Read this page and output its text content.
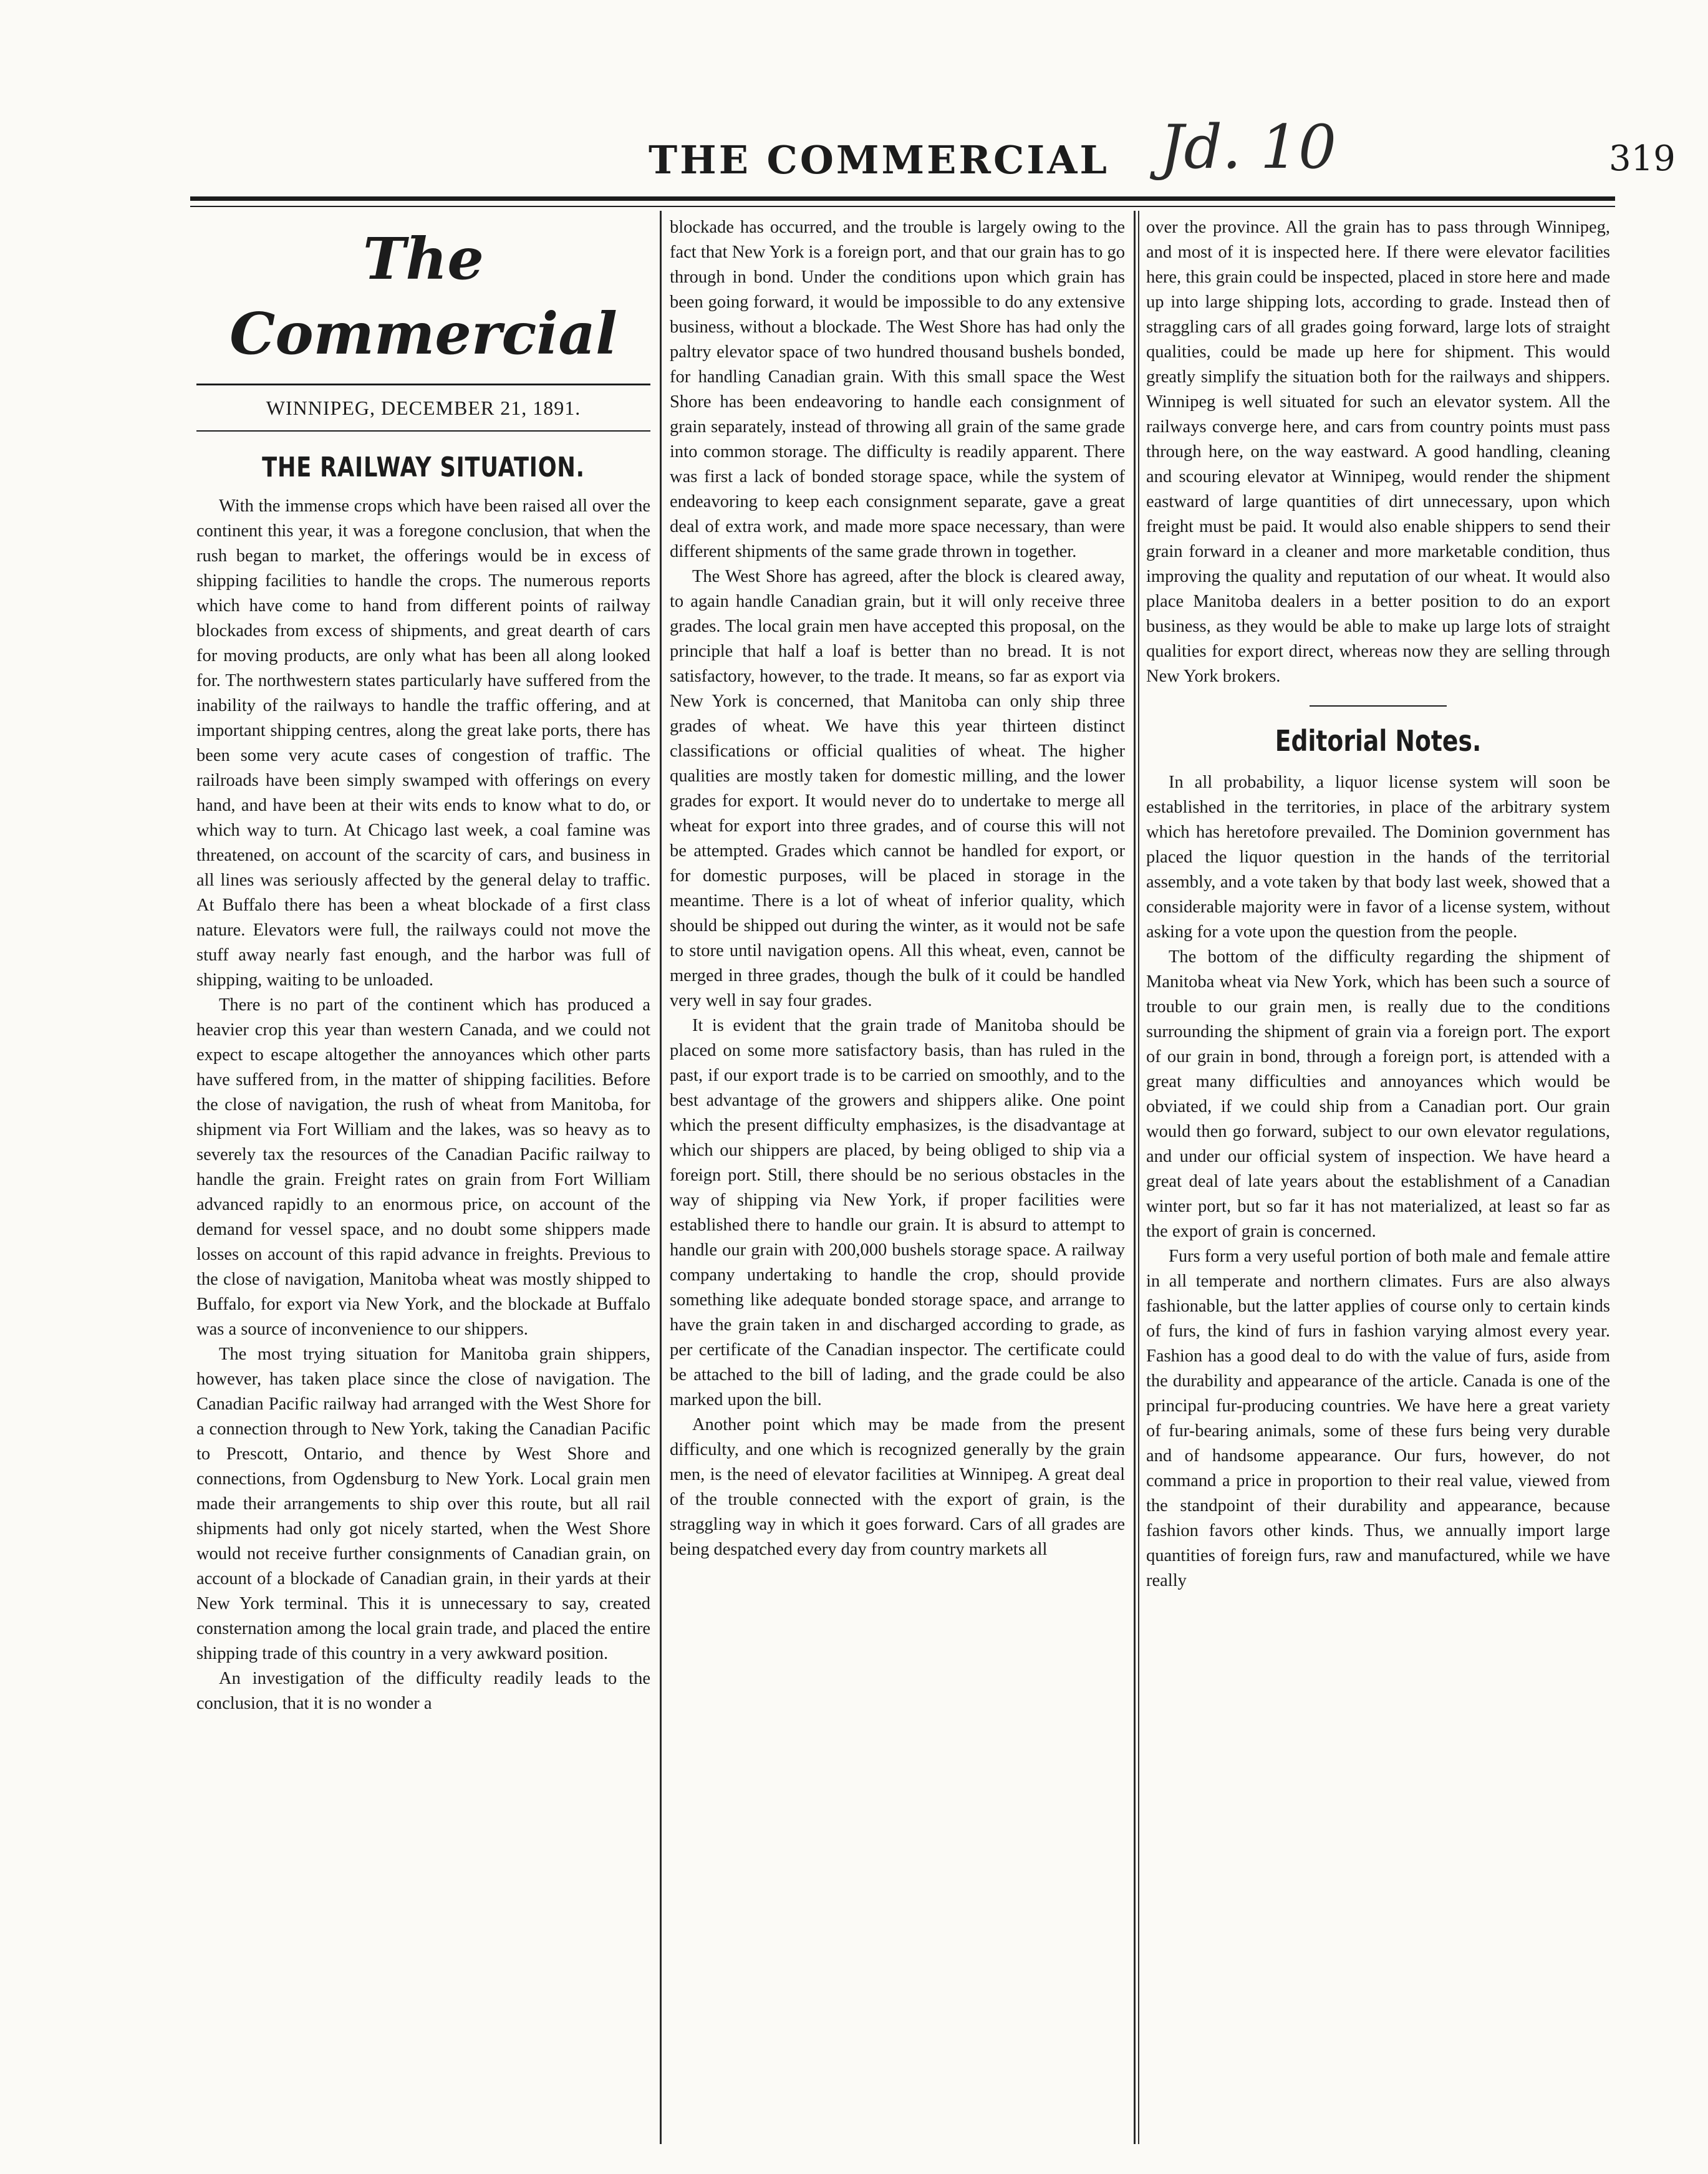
THE COMMERCIAL Jd. 10	319
The Commercial
WINNIPEG, DECEMBER 21, 1891.
THE RAILWAY SITUATION.

With the immense crops which have been raised all over the continent this year, it was a foregone conclusion, that when the rush began to market, the offerings would be in excess of shipping facilities to handle the crops. The numerous reports which have come to hand from different points of railway blockades from excess of shipments, and great dearth of cars for moving products, are only what has been all along looked for. The northwestern states particularly have suffered from the inability of the railways to handle the traffic offering, and at important shipping centres, along the great lake ports, there has been some very acute cases of congestion of traffic. The railroads have been simply swamped with offerings on every hand, and have been at their wits ends to know what to do, or which way to turn. At Chicago last week, a coal famine was threatened, on account of the scarcity of cars, and business in all lines was seriously affected by the general delay to traffic. At Buffalo there has been a wheat blockade of a first class nature. Elevators were full, the railways could not move the stuff away nearly fast enough, and the harbor was full of shipping, waiting to be unloaded.

There is no part of the continent which has produced a heavier crop this year than western Canada, and we could not expect to escape altogether the annoyances which other parts have suffered from, in the matter of shipping facilities. Before the close of navigation, the rush of wheat from Manitoba, for shipment via Fort William and the lakes, was so heavy as to severely tax the resources of the Canadian Pacific railway to handle the grain. Freight rates on grain from Fort William advanced rapidly to an enormous price, on account of the demand for vessel space, and no doubt some shippers made losses on account of this rapid advance in freights. Previous to the close of navigation, Manitoba wheat was mostly shipped to Buffalo, for export via New York, and the blockade at Buffalo was a source of inconvenience to our shippers.

The most trying situation for Manitoba grain shippers, however, has taken place since the close of navigation. The Canadian Pacific railway had arranged with the West Shore for a connection through to New York, taking the Canadian Pacific to Prescott, Ontario, and thence by West Shore and connections, from Ogdensburg to New York. Local grain men made their arrangements to ship over this route, but all rail shipments had only got nicely started, when the West Shore would not receive further consignments of Canadian grain, on account of a blockade of Canadian grain, in their yards at their New York terminal. This it is unnecessary to say, created consternation among the local grain trade, and placed the entire shipping trade of this country in a very awkward position.

An investigation of the difficulty readily leads to the conclusion, that it is no wonder a

blockade has occurred, and the trouble is largely owing to the fact that New York is a foreign port, and that our grain has to go through in bond. Under the conditions upon which grain has been going forward, it would be impossible to do any extensive business, without a blockade. The West Shore has had only the paltry elevator space of two hundred thousand bushels bonded, for handling Canadian grain. With this small space the West Shore has been endeavoring to handle each consignment of grain separately, instead of throwing all grain of the same grade into common storage. The difficulty is readily apparent. There was first a lack of bonded storage space, while the system of endeavoring to keep each consignment separate, gave a great deal of extra work, and made more space necessary, than were different shipments of the same grade thrown in together.

The West Shore has agreed, after the block is cleared away, to again handle Canadian grain, but it will only receive three grades. The local grain men have accepted this proposal, on the principle that half a loaf is better than no bread. It is not satisfactory, however, to the trade. It means, so far as export via New York is concerned, that Manitoba can only ship three grades of wheat. We have this year thirteen distinct classifications or official qualities of wheat. The higher qualities are mostly taken for domestic milling, and the lower grades for export. It would never do to undertake to merge all wheat for export into three grades, and of course this will not be attempted. Grades which cannot be handled for export, or for domestic purposes, will be placed in storage in the meantime. There is a lot of wheat of inferior quality, which should be shipped out during the winter, as it would not be safe to store until navigation opens. All this wheat, even, cannot be merged in three grades, though the bulk of it could be handled very well in say four grades.

It is evident that the grain trade of Manitoba should be placed on some more satisfactory basis, than has ruled in the past, if our export trade is to be carried on smoothly, and to the best advantage of the growers and shippers alike. One point which the present difficulty emphasizes, is the disadvantage at which our shippers are placed, by being obliged to ship via a foreign port. Still, there should be no serious obstacles in the way of shipping via New York, if proper facilities were established there to handle our grain. It is absurd to attempt to handle our grain with 200,000 bushels storage space. A railway company undertaking to handle the crop, should provide something like adequate bonded storage space, and arrange to have the grain taken in and discharged according to grade, as per certificate of the Canadian inspector. The certificate could be attached to the bill of lading, and the grade could be also marked upon the bill.

Another point which may be made from the present difficulty, and one which is recognized generally by the grain men, is the need of elevator facilities at Winnipeg. A great deal of the trouble connected with the export of grain, is the straggling way in which it goes forward. Cars of all grades are being despatched every day from country markets all

over the province. All the grain has to pass through Winnipeg, and most of it is inspected here. If there were elevator facilities here, this grain could be inspected, placed in store here and made up into large shipping lots, according to grade. Instead then of straggling cars of all grades going forward, large lots of straight qualities, could be made up here for shipment. This would greatly simplify the situation both for the railways and shippers. Winnipeg is well situated for such an elevator system. All the railways converge here, and cars from country points must pass through here, on the way eastward. A good handling, cleaning and scouring elevator at Winnipeg, would render the shipment eastward of large quantities of dirt unnecessary, upon which freight must be paid. It would also enable shippers to send their grain forward in a cleaner and more marketable condition, thus improving the quality and reputation of our wheat. It would also place Manitoba dealers in a better position to do an export business, as they would be able to make up large lots of straight qualities for export direct, whereas now they are selling through New York brokers.

Editorial Notes.

In all probability, a liquor license system will soon be established in the territories, in place of the arbitrary system which has heretofore prevailed. The Dominion government has placed the liquor question in the hands of the territorial assembly, and a vote taken by that body last week, showed that a considerable majority were in favor of a license system, without asking for a vote upon the question from the people.

The bottom of the difficulty regarding the shipment of Manitoba wheat via New York, which has been such a source of trouble to our grain men, is really due to the conditions surrounding the shipment of grain via a foreign port. The export of our grain in bond, through a foreign port, is attended with a great many difficulties and annoyances which would be obviated, if we could ship from a Canadian port. Our grain would then go forward, subject to our own elevator regulations, and under our official system of inspection. We have heard a great deal of late years about the establishment of a Canadian winter port, but so far it has not materialized, at least so far as the export of grain is concerned.

Furs form a very useful portion of both male and female attire in all temperate and northern climates. Furs are also always fashionable, but the latter applies of course only to certain kinds of furs, the kind of furs in fashion varying almost every year. Fashion has a good deal to do with the value of furs, aside from the durability and appearance of the article. Canada is one of the principal fur-producing countries. We have here a great variety of fur-bearing animals, some of these furs being very durable and of handsome appearance. Our furs, however, do not command a price in proportion to their real value, viewed from the standpoint of their durability and appearance, because fashion favors other kinds. Thus, we annually import large quantities of foreign furs, raw and manufactured, while we have really
